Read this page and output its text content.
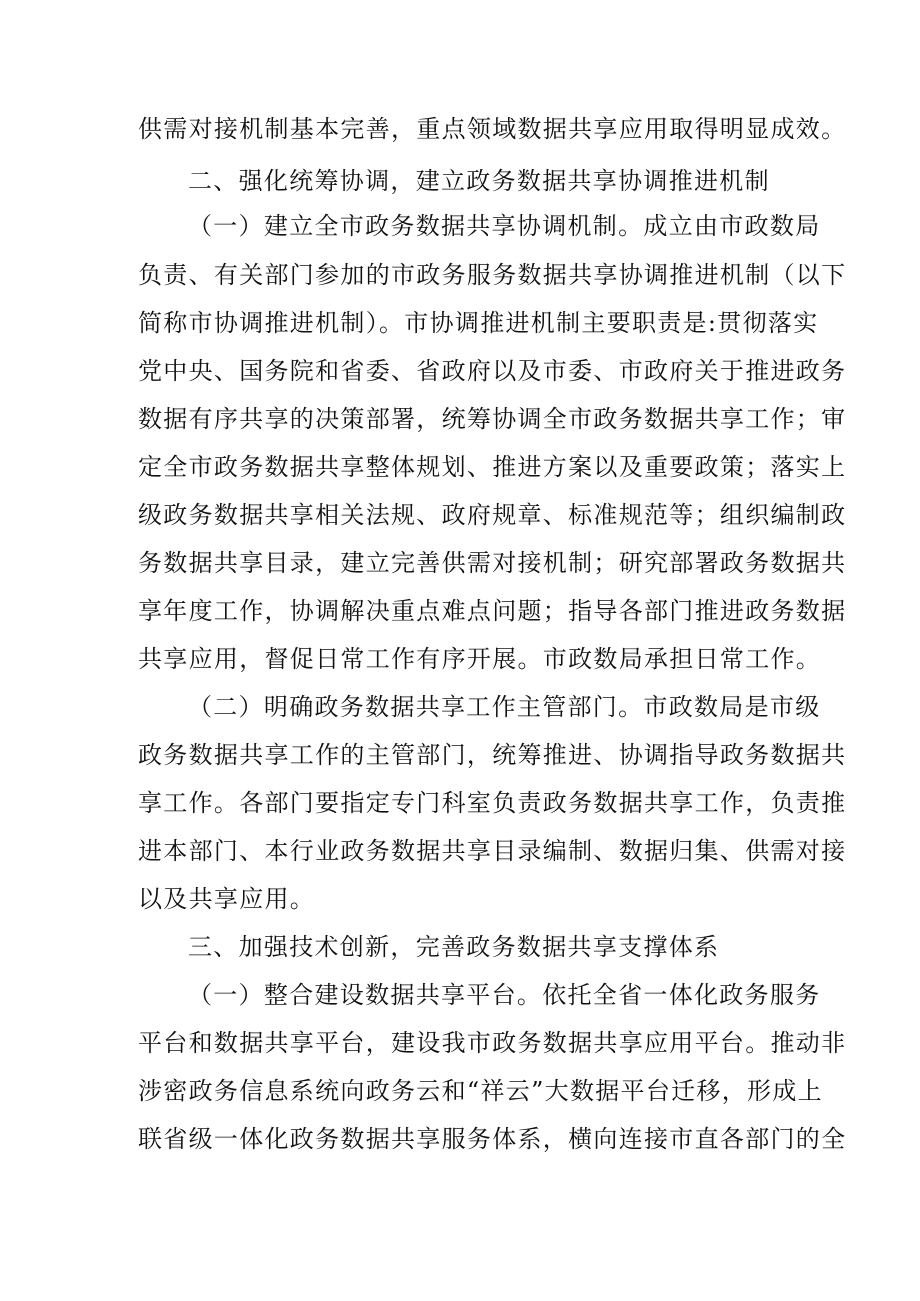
供需对接机制基本完善，重点领域数据共享应用取得明显成效。
二、强化统筹协调，建立政务数据共享协调推进机制
（一）建立全市政务数据共享协调机制。成立由市政数局
负责、有关部门参加的市政务服务数据共享协调推进机制（以下
简称市协调推进机制）。市协调推进机制主要职责是:贯彻落实
党中央、国务院和省委、省政府以及市委、市政府关于推进政务
数据有序共享的决策部署，统筹协调全市政务数据共享工作；审
定全市政务数据共享整体规划、推进方案以及重要政策；落实上
级政务数据共享相关法规、政府规章、标准规范等；组织编制政
务数据共享目录，建立完善供需对接机制；研究部署政务数据共
享年度工作，协调解决重点难点问题；指导各部门推进政务数据
共享应用，督促日常工作有序开展。市政数局承担日常工作。
（二）明确政务数据共享工作主管部门。市政数局是市级
政务数据共享工作的主管部门，统筹推进、协调指导政务数据共
享工作。各部门要指定专门科室负责政务数据共享工作，负责推
进本部门、本行业政务数据共享目录编制、数据归集、供需对接
以及共享应用。
三、加强技术创新，完善政务数据共享支撑体系
（一）整合建设数据共享平台。依托全省一体化政务服务
平台和数据共享平台，建设我市政务数据共享应用平台。推动非
涉密政务信息系统向政务云和“祥云”大数据平台迁移，形成上
联省级一体化政务数据共享服务体系，横向连接市直各部门的全
